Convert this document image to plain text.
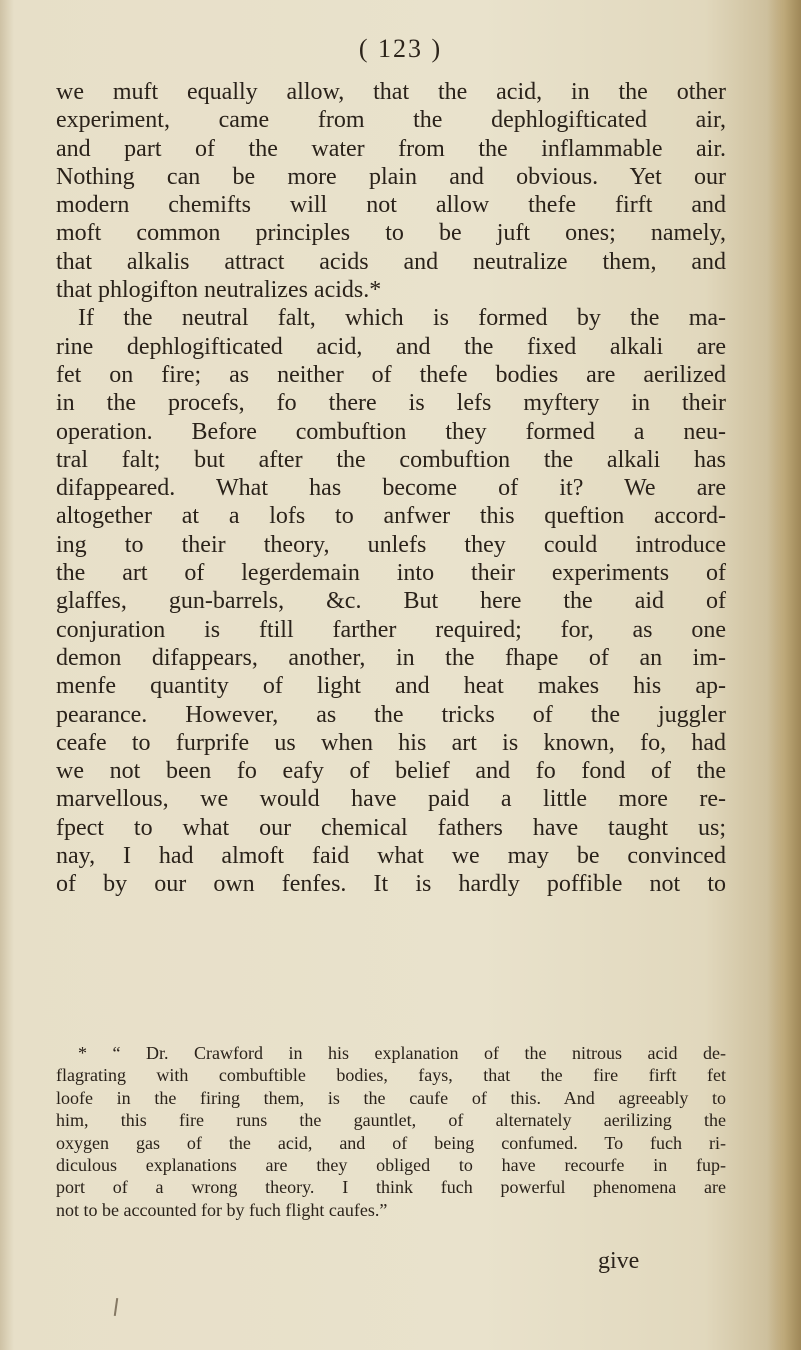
( 123 )
we muft equally allow, that the acid, in the other
experiment, came from the dephlogifticated air,
and part of the water from the inflammable air.
Nothing can be more plain and obvious. Yet our
modern chemifts will not allow thefe firft and
moft common principles to be juft ones; namely,
that alkalis attract acids and neutralize them, and
that phlogifton neutralizes acids.*
If the neutral falt, which is formed by the ma-
rine dephlogifticated acid, and the fixed alkali are
fet on fire; as neither of thefe bodies are aerilized
in the procefs, fo there is lefs myftery in their
operation. Before combuftion they formed a neu-
tral falt; but after the combuftion the alkali has
difappeared. What has become of it? We are
altogether at a lofs to anfwer this queftion accord-
ing to their theory, unlefs they could introduce
the art of legerdemain into their experiments of
glaffes, gun-barrels, &c. But here the aid of
conjuration is ftill farther required; for, as one
demon difappears, another, in the fhape of an im-
menfe quantity of light and heat makes his ap-
pearance. However, as the tricks of the juggler
ceafe to furprife us when his art is known, fo, had
we not been fo eafy of belief and fo fond of the
marvellous, we would have paid a little more re-
fpect to what our chemical fathers have taught us;
nay, I had almoft faid what we may be convinced
of by our own fenfes. It is hardly poffible not to
* “ Dr. Crawford in his explanation of the nitrous acid de-
flagrating with combuftible bodies, fays, that the fire firft fet
loofe in the firing them, is the caufe of this. And agreeably to
him, this fire runs the gauntlet, of alternately aerilizing the
oxygen gas of the acid, and of being confumed. To fuch ri-
diculous explanations are they obliged to have recourfe in fup-
port of a wrong theory. I think fuch powerful phenomena are
not to be accounted for by fuch flight caufes.”
give
